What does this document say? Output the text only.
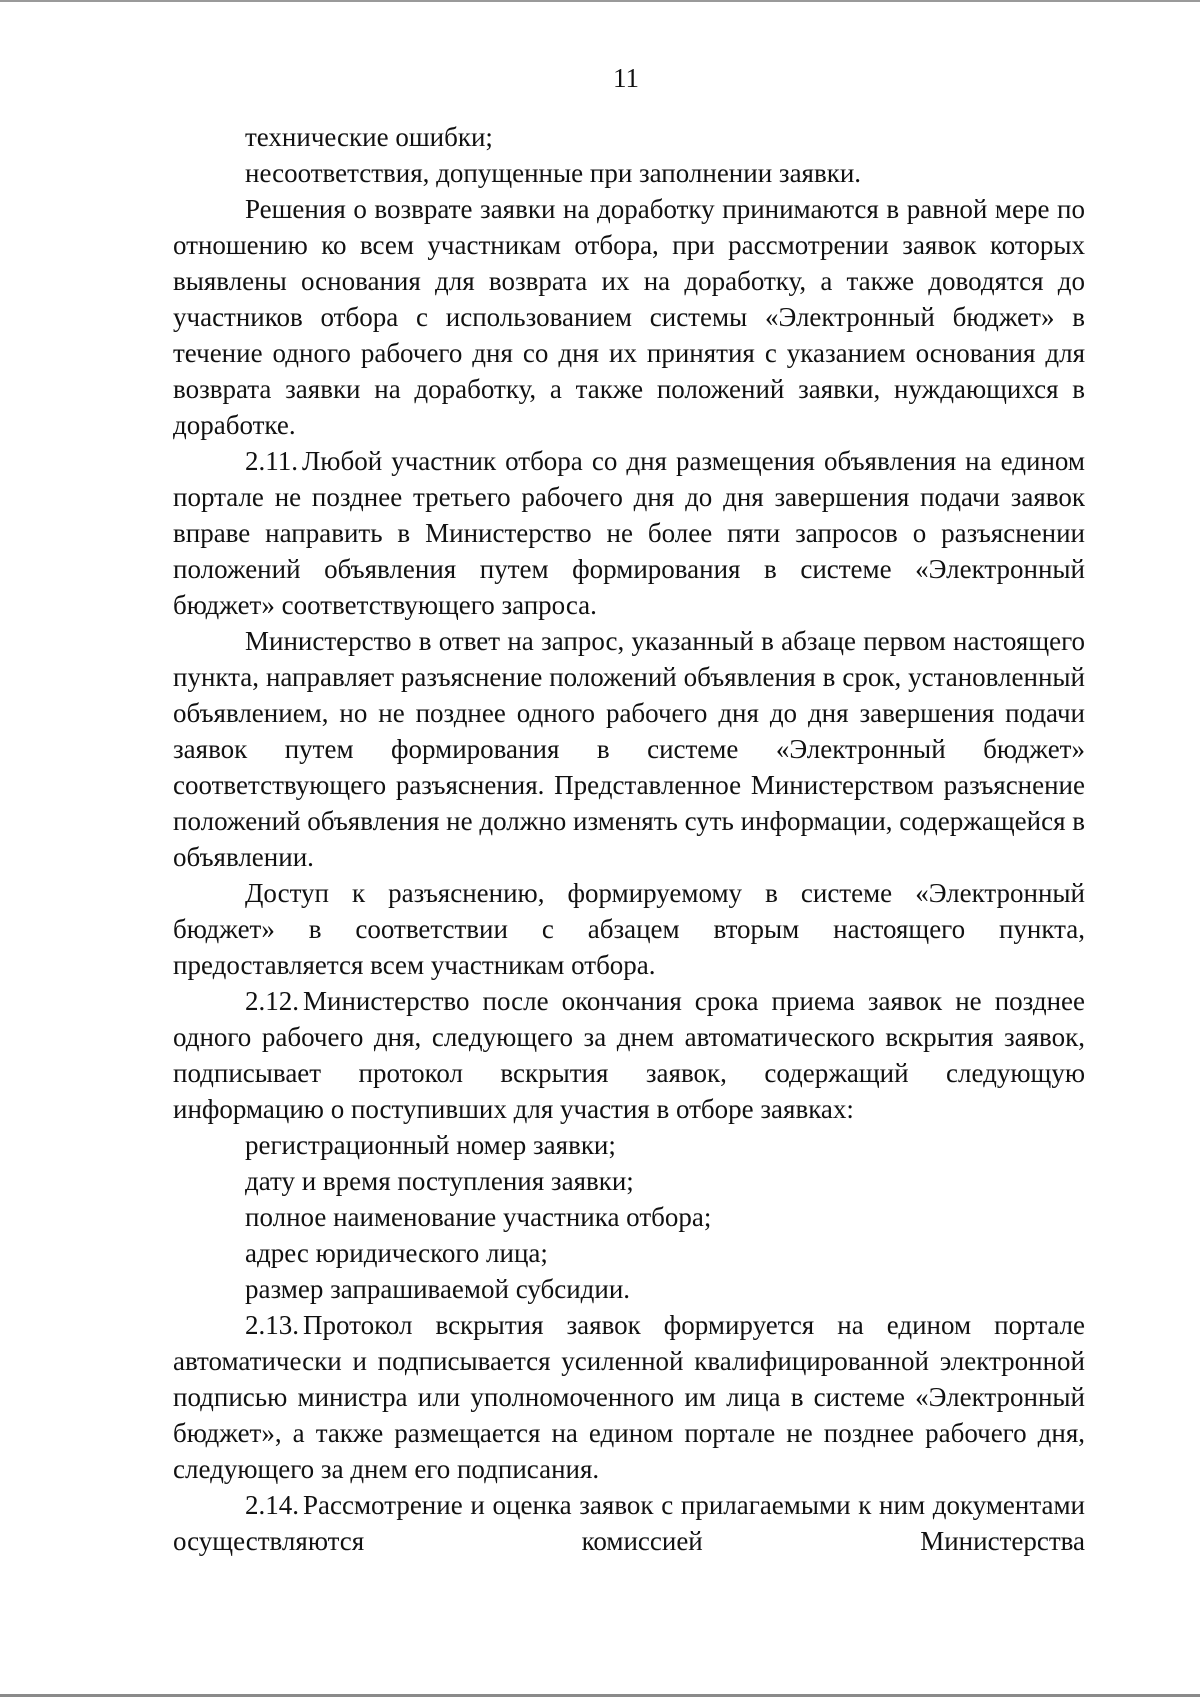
11

технические ошибки;

несоответствия, допущенные при заполнении заявки.

Решения о возврате заявки на доработку принимаются в равной мере по отношению ко всем участникам отбора, при рассмотрении заявок которых выявлены основания для возврата их на доработку, а также доводятся до участников отбора с использованием системы «Электронный бюджет» в течение одного рабочего дня со дня их принятия с указанием основания для возврата заявки на доработку, а также положений заявки, нуждающихся в доработке.

2.11. Любой участник отбора со дня размещения объявления на едином портале не позднее третьего рабочего дня до дня завершения подачи заявок вправе направить в Министерство не более пяти запросов о разъяснении положений объявления путем формирования в системе «Электронный бюджет» соответствующего запроса.

Министерство в ответ на запрос, указанный в абзаце первом настоящего пункта, направляет разъяснение положений объявления в срок, установленный объявлением, но не позднее одного рабочего дня до дня завершения подачи заявок путем формирования в системе «Электронный бюджет» соответствующего разъяснения. Представленное Министерством разъяснение положений объявления не должно изменять суть информации, содержащейся в объявлении.

Доступ к разъяснению, формируемому в системе «Электронный бюджет» в соответствии с абзацем вторым настоящего пункта, предоставляется всем участникам отбора.

2.12. Министерство после окончания срока приема заявок не позднее одного рабочего дня, следующего за днем автоматического вскрытия заявок, подписывает протокол вскрытия заявок, содержащий следующую информацию о поступивших для участия в отборе заявках:

регистрационный номер заявки;

дату и время поступления заявки;

полное наименование участника отбора;

адрес юридического лица;

размер запрашиваемой субсидии.

2.13. Протокол вскрытия заявок формируется на едином портале автоматически и подписывается усиленной квалифицированной электронной подписью министра или уполномоченного им лица в системе «Электронный бюджет», а также размещается на едином портале не позднее рабочего дня, следующего за днем его подписания.

2.14. Рассмотрение и оценка заявок с прилагаемыми к ним документами осуществляются комиссией Министерства
